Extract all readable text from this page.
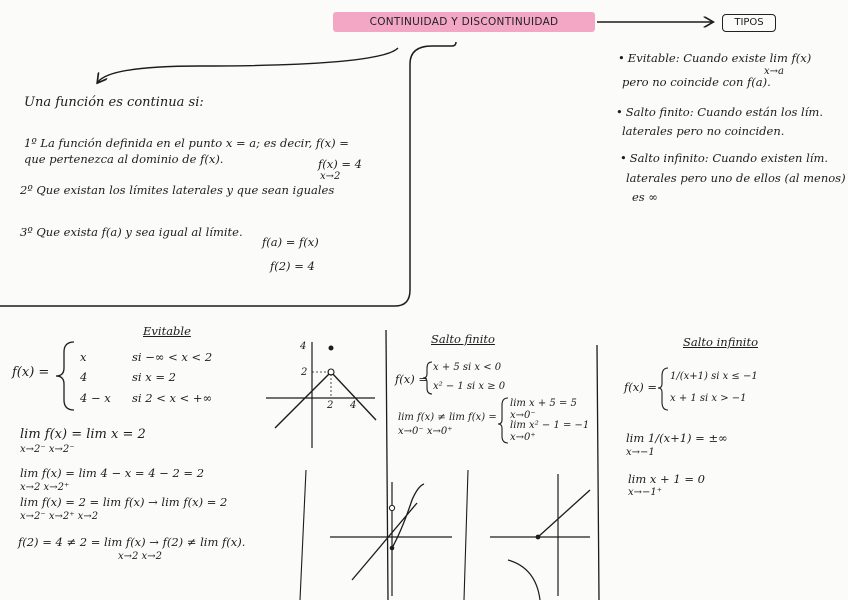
CONTINUIDAD Y DISCONTINUIDAD	TIPOS
Una función es continua si:
1º La función definida en el punto x = a; es decir, f(x) =
que pertenezca al dominio de f(x).	f(x) = 4
x→2
2º Que existan los límites laterales y que sean iguales
3º Que exista f(a) y sea igual al límite.
f(a) = f(x)
f(2) = 4
• Evitable: Cuando existe lim f(x)
x→a
pero no coincide con f(a).
• Salto finito: Cuando están los lím.
laterales pero no coinciden.
• Salto infinito: Cuando existen lím.
laterales pero uno de ellos (al menos)
es ∞
Evitable
f(x) =
x	si −∞ < x < 2
4	si x = 2
4 − x si 2 < x < +∞
lim f(x) = lim x = 2
x→2⁻ x→2⁻
lim f(x) = lim 4 − x = 4 − 2 = 2
x→2 x→2⁺
lim f(x) = 2 = lim f(x) → lim f(x) = 2
x→2⁻ x→2⁺ x→2
f(2) = 4 ≠ 2 = lim f(x) → f(2) ≠ lim f(x).
x→2 x→2
4
2
2 4
Salto finito
f(x) =
x + 5 si x < 0
x² − 1 si x ≥ 0
lim f(x) ≠ lim f(x) =
x→0⁻ x→0⁺
lim x + 5 = 5
x→0⁻
lim x² − 1 = −1
x→0⁺
Salto infinito
f(x) =
1/(x+1) si x ≤ −1
x + 1 si x > −1
lim 1/(x+1) = ±∞
x→−1
lim x + 1 = 0
x→−1⁺
